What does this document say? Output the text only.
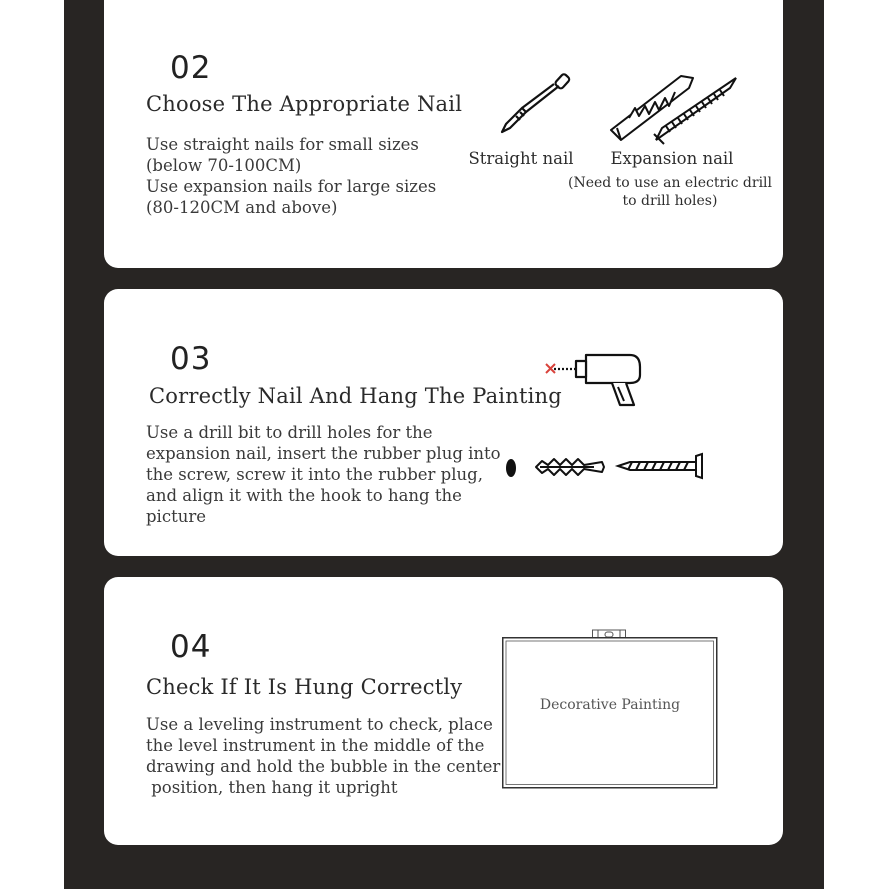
02
Choose The Appropriate Nail
Use straight nails for small sizes
(below 70-100CM)
Use expansion nails for large sizes
(80-120CM and above)
Straight nail	Expansion nail
(Need to use an electric drill
to drill holes)
03
Correctly Nail And Hang The Painting
Use a drill bit to drill holes for the
expansion nail, insert the rubber plug into
the screw, screw it into the rubber plug,
and align it with the hook to hang the
picture
04
Check If It Is Hung Correctly
Use a leveling instrument to check, place
the level instrument in the middle of the
drawing and hold the bubble in the center
position, then hang it upright
Decorative Painting
